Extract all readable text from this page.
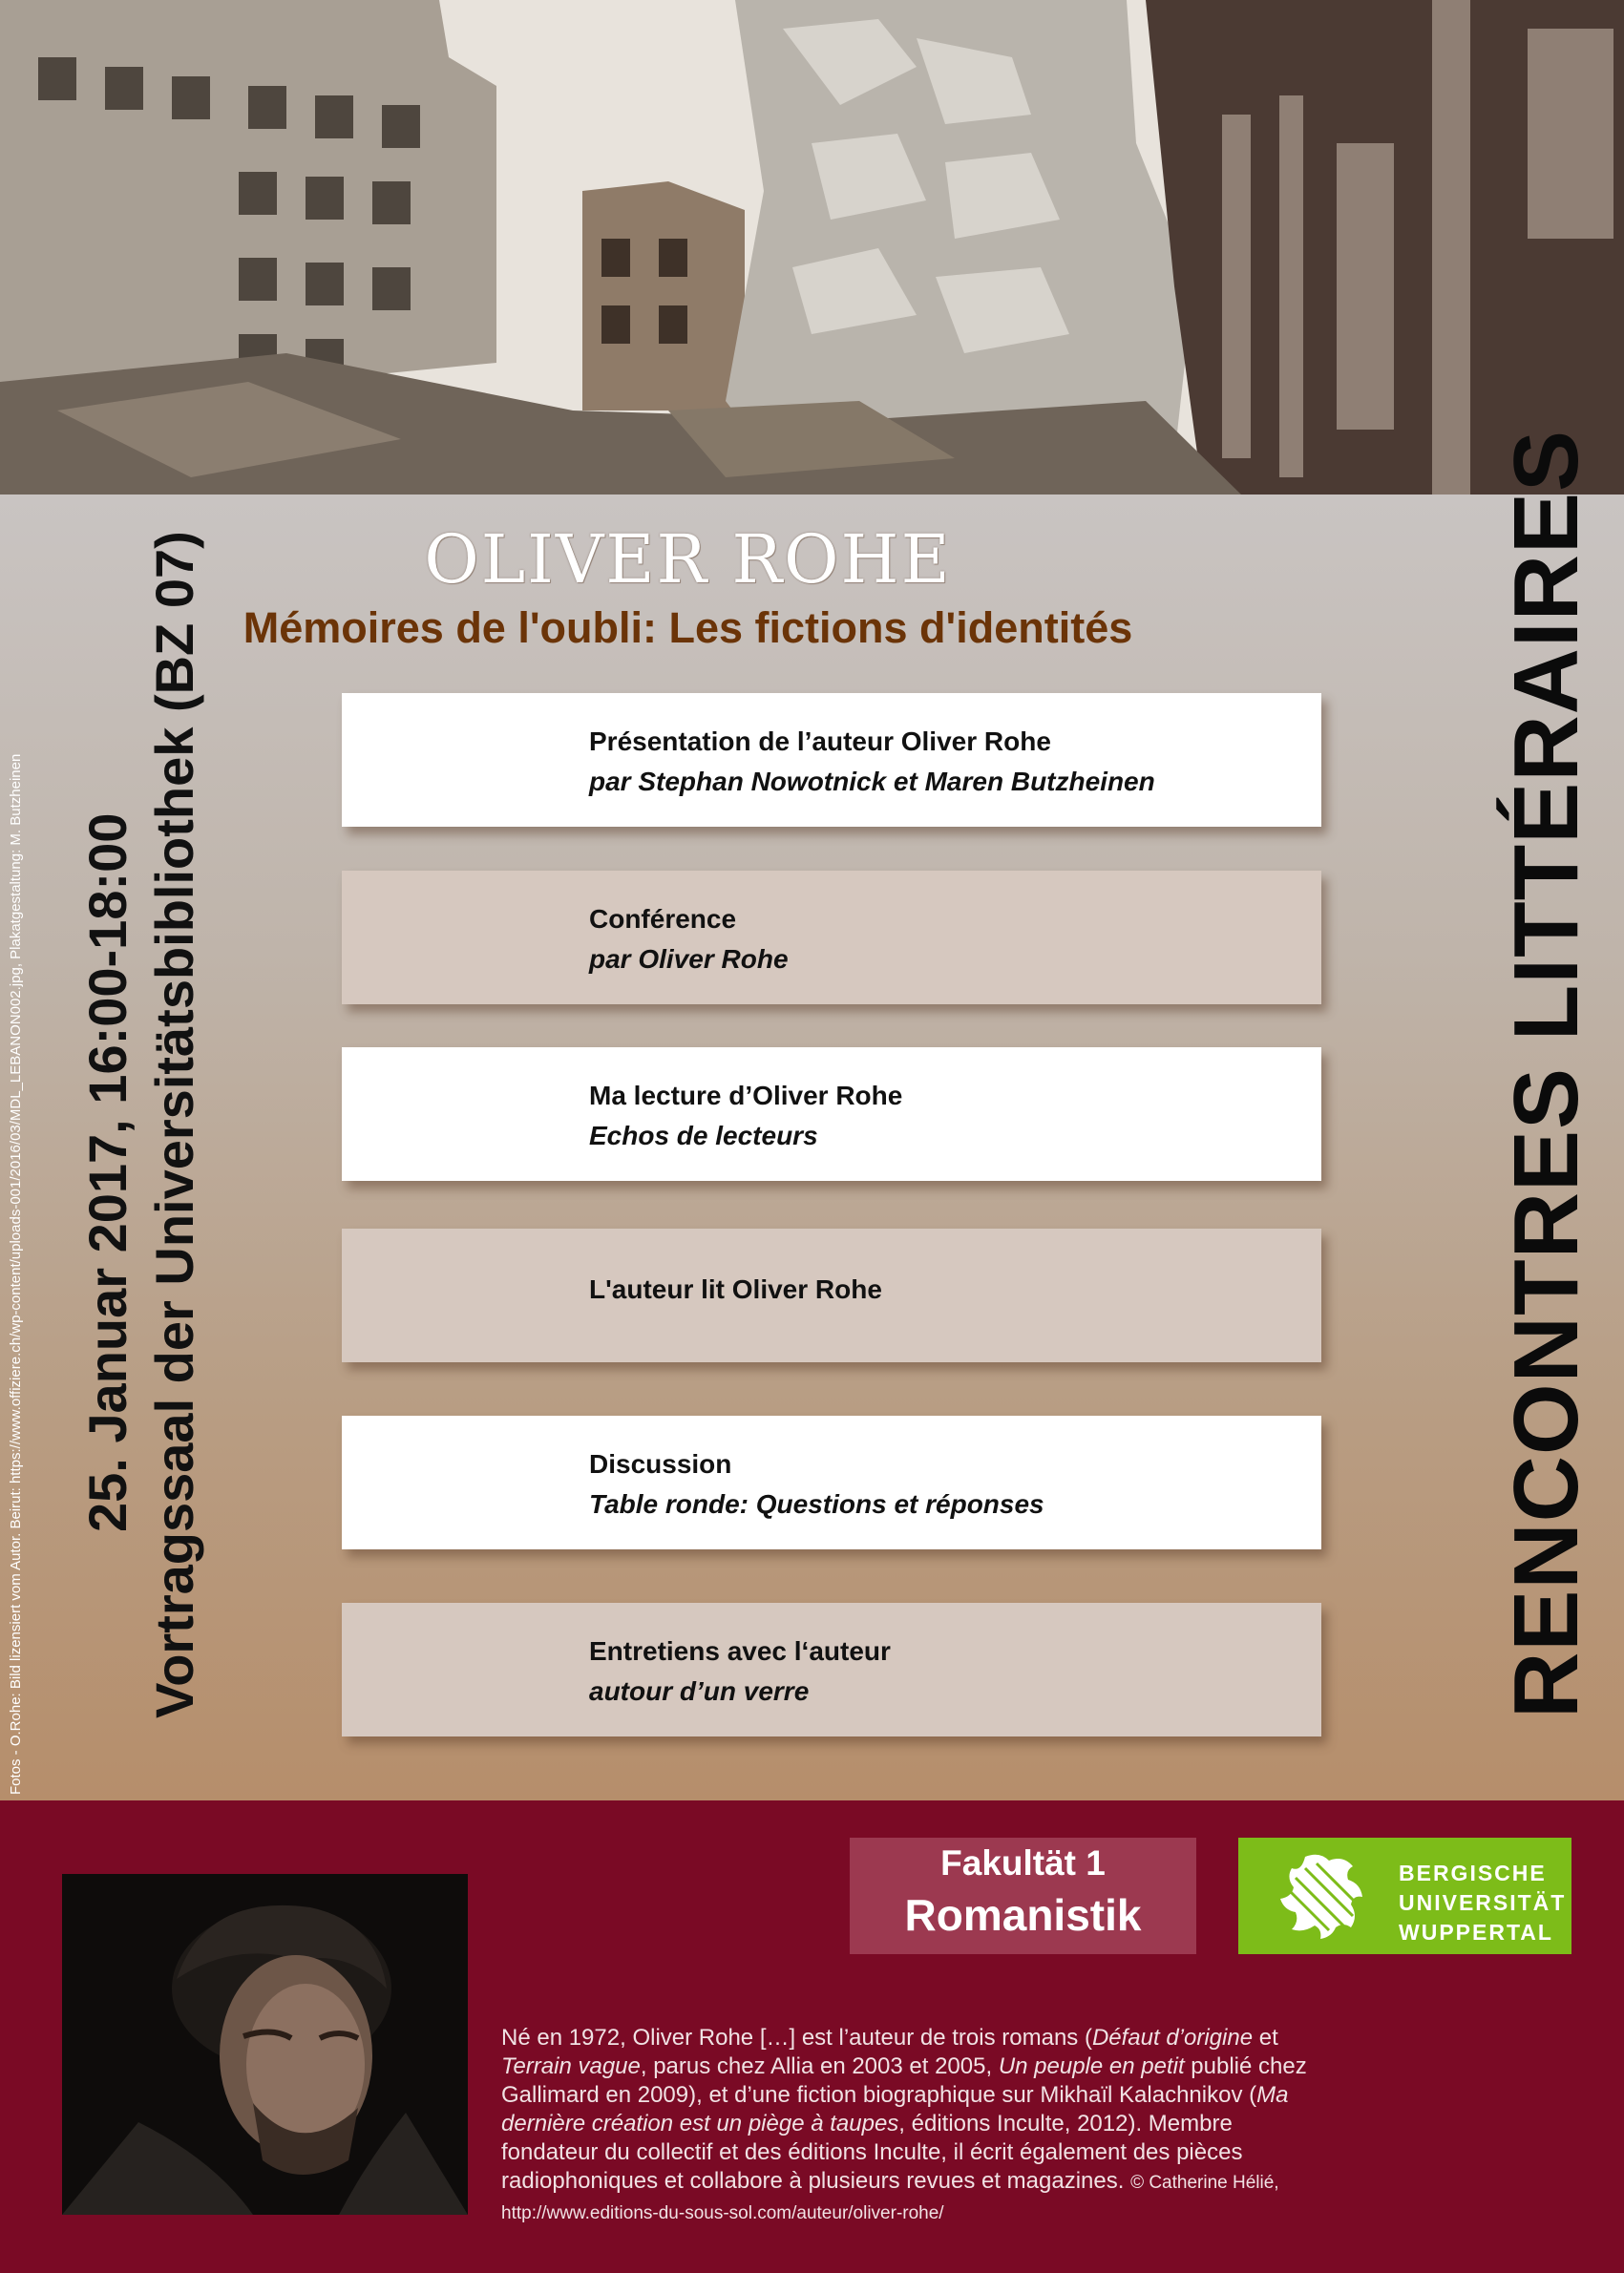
OLIVER ROHE
Mémoires de l'oubli: Les fictions d'identités
Présentation de l’auteur Oliver Rohe
par Stephan Nowotnick et Maren Butzheinen
Conférence
par Oliver Rohe
Ma lecture d’Oliver Rohe
Echos de lecteurs
L'auteur lit Oliver Rohe
Discussion
Table ronde: Questions et réponses
Entretiens avec l‘auteur
autour d’un verre
25. Januar 2017, 16:00-18:00 Vortragssaal der Universitätsbibliothek (BZ 07)
Fotos - O.Rohe: Bild lizensiert vom Autor. Beirut: https://www.offiziere.ch/wp-content/uploads-001/2016/03/MDL_LEBANON002.jpg, Plakatgestaltung: M. Butzheinen	RENCONTRES LITTÉRAIRES
Fakultät 1
Romanistik
BERGISCHE
UNIVERSITÄT
WUPPERTAL
Né en 1972, Oliver Rohe […] est l’auteur de trois romans (Défaut d’origine et Terrain vague, parus chez Allia en 2003 et 2005, Un peuple en petit publié chez Gallimard en 2009), et d’une fiction biographique sur Mikhaïl Kalachnikov (Ma dernière création est un piège à taupes, éditions Inculte, 2012). Membre fondateur du collectif et des éditions Inculte, il écrit également des pièces radiophoniques et collabore à plusieurs revues et magazines. © Catherine Hélié, http://www.editions-du-sous-sol.com/auteur/oliver-rohe/
